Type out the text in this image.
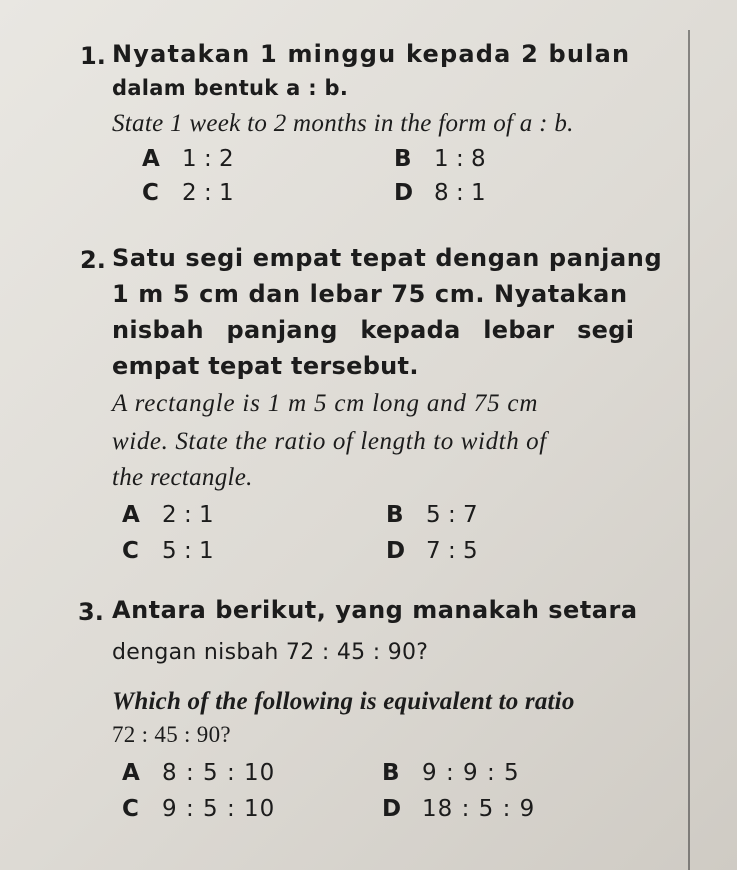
1. Nyatakan 1 minggu kepada 2 bulan
dalam bentuk a : b.
State 1 week to 2 months in the form of a : b.
A 1 : 2	B 1 : 8
C 2 : 1	D 8 : 1
2. Satu segi empat tepat dengan panjang
1 m 5 cm dan lebar 75 cm. Nyatakan
nisbah panjang kepada lebar segi
empat tepat tersebut.
A rectangle is 1 m 5 cm long and 75 cm
wide. State the ratio of length to width of
the rectangle.
A 2 : 1	B 5 : 7
C 5 : 1	D 7 : 5
3. Antara berikut, yang manakah setara
dengan nisbah 72 : 45 : 90?
Which of the following is equivalent to ratio
72 : 45 : 90?
A 8 : 5 : 10	B 9 : 9 : 5
C 9 : 5 : 10	D 18 : 5 : 9
